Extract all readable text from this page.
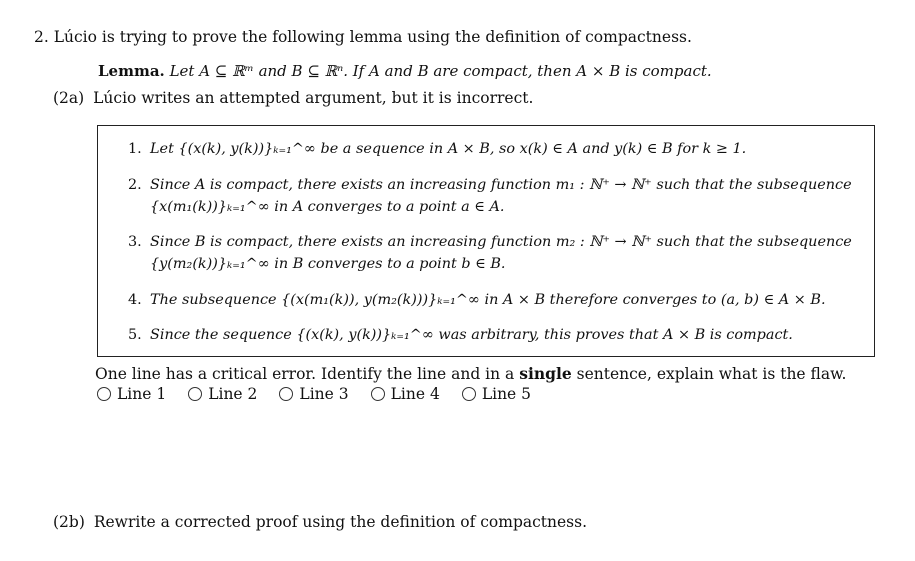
2. Lúcio is trying to prove the following lemma using the definition of compactness.
Lemma. Let A ⊆ ℝᵐ and B ⊆ ℝⁿ. If A and B are compact, then A × B is compact.
(2a) Lúcio writes an attempted argument, but it is incorrect.
1. Let {(x(k), y(k))}ₖ₌₁^∞ be a sequence in A × B, so x(k) ∈ A and y(k) ∈ B for k ≥ 1.
2. Since A is compact, there exists an increasing function m₁ : ℕ⁺ → ℕ⁺ such that the subsequence {x(m₁(k))}ₖ₌₁^∞ in A converges to a point a ∈ A.
3. Since B is compact, there exists an increasing function m₂ : ℕ⁺ → ℕ⁺ such that the subsequence {y(m₂(k))}ₖ₌₁^∞ in B converges to a point b ∈ B.
4. The subsequence {(x(m₁(k)), y(m₂(k)))}ₖ₌₁^∞ in A × B therefore converges to (a, b) ∈ A × B.
5. Since the sequence {(x(k), y(k))}ₖ₌₁^∞ was arbitrary, this proves that A × B is compact.
One line has a critical error. Identify the line and in a single sentence, explain what is the flaw.
Line 1	Line 2	Line 3	Line 4	Line 5
(2b) Rewrite a corrected proof using the definition of compactness.
